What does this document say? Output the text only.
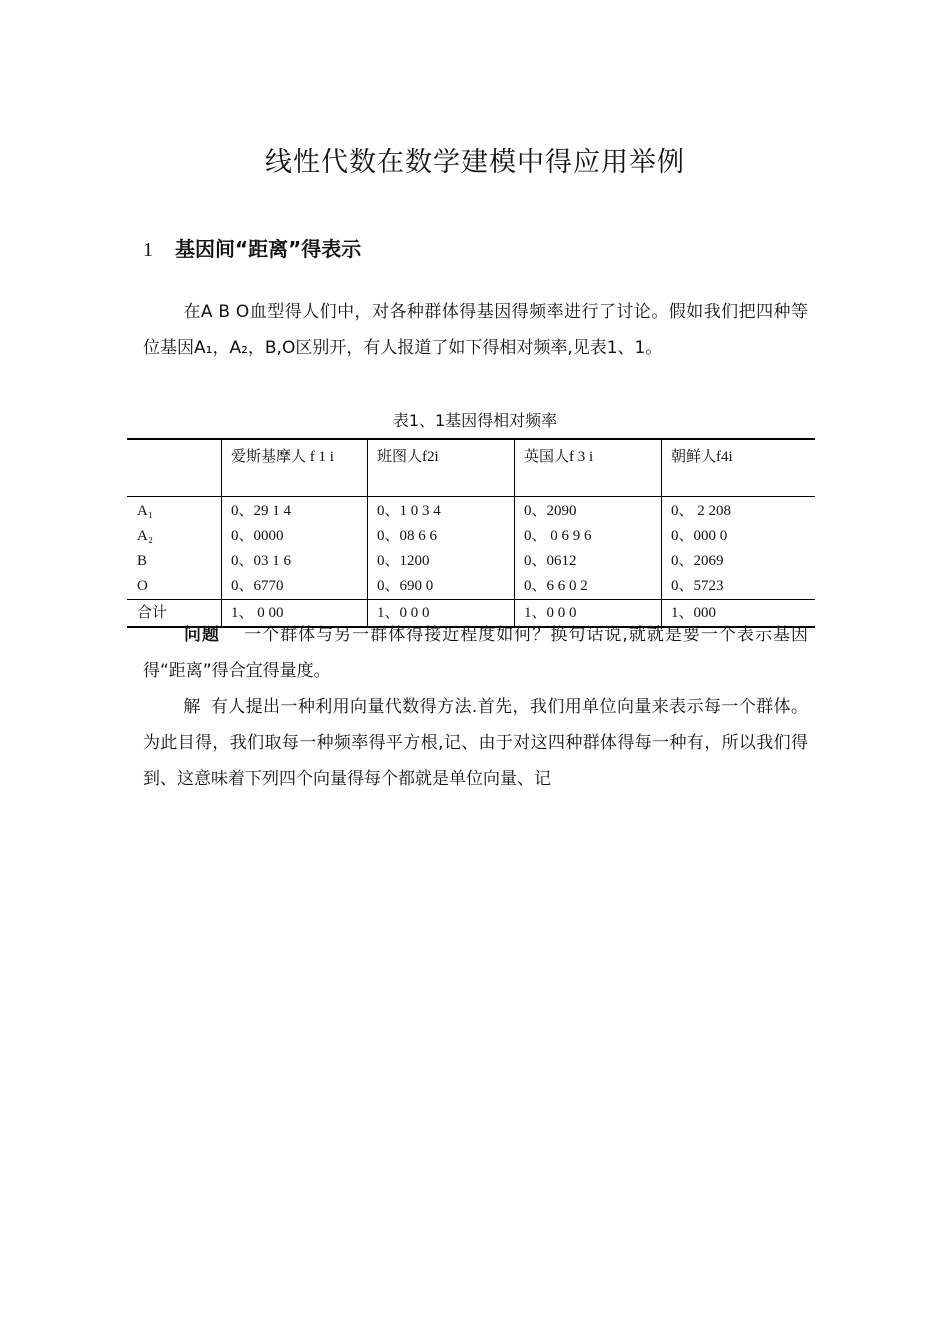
线性代数在数学建模中得应用举例
1 基因间“距离”得表示
在A B O血型得人们中，对各种群体得基因得频率进行了讨论。假如我们把四种等位基因A₁，A₂，B,O区别开，有人报道了如下得相对频率,见表1、1。
表1、1基因得相对频率
	爱斯基摩人 f 1 i	班图人f2i	英国人f 3 i	朝鲜人f4i
A₁	0、29 1 4	0、1 0 3 4	0、2090	0、 2 208
A₂	0、0000	0、08 6 6	0、 0 6 9 6	0、000 0
B	0、03 1 6	0、1200	0、0612	0、2069
O	0、6770	0、690 0	0、6 6 0 2	0、5723
合计	1、 0 00	1、0 0 0	1、0 0 0	1、000
问题 一个群体与另一群体得接近程度如何？换句话说,就就是要一个表示基因得“距离”得合宜得量度。
解 有人提出一种利用向量代数得方法.首先，我们用单位向量来表示每一个群体。为此目得，我们取每一种频率得平方根,记、由于对这四种群体得每一种有，所以我们得到、这意味着下列四个向量得每个都就是单位向量、记
